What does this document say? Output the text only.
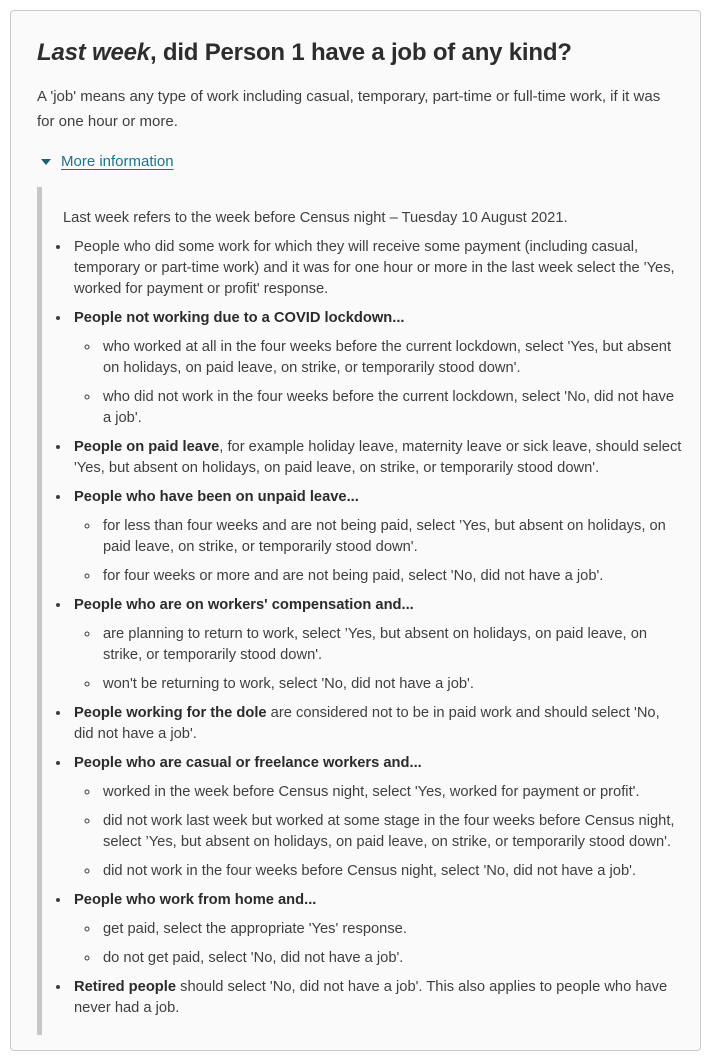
Last week, did Person 1 have a job of any kind?

A 'job' means any type of work including casual, temporary, part-time or full-time work, if it was for one hour or more.

More information

Last week refers to the week before Census night – Tuesday 10 August 2021.

• People who did some work for which they will receive some payment (including casual, temporary or part-time work) and it was for one hour or more in the last week select the 'Yes, worked for payment or profit' response.
• People not working due to a COVID lockdown...
◦ who worked at all in the four weeks before the current lockdown, select 'Yes, but absent on holidays, on paid leave, on strike, or temporarily stood down'.
◦ who did not work in the four weeks before the current lockdown, select 'No, did not have a job'.
• People on paid leave, for example holiday leave, maternity leave or sick leave, should select 'Yes, but absent on holidays, on paid leave, on strike, or temporarily stood down'.
• People who have been on unpaid leave...
◦ for less than four weeks and are not being paid, select ’Yes, but absent on holidays, on paid leave, on strike, or temporarily stood down'.
◦ for four weeks or more and are not being paid, select 'No, did not have a job'.
• People who are on workers' compensation and...
◦ are planning to return to work, select ’Yes, but absent on holidays, on paid leave, on strike, or temporarily stood down'.
◦ won't be returning to work, select 'No, did not have a job'.
• People working for the dole are considered not to be in paid work and should select 'No, did not have a job'.
• People who are casual or freelance workers and...
◦ worked in the week before Census night, select 'Yes, worked for payment or profit'.
◦ did not work last week but worked at some stage in the four weeks before Census night, select ’Yes, but absent on holidays, on paid leave, on strike, or temporarily stood down'.
◦ did not work in the four weeks before Census night, select 'No, did not have a job'.
• People who work from home and...
◦ get paid, select the appropriate 'Yes' response.
◦ do not get paid, select 'No, did not have a job'.
• Retired people should select 'No, did not have a job'. This also applies to people who have never had a job.
